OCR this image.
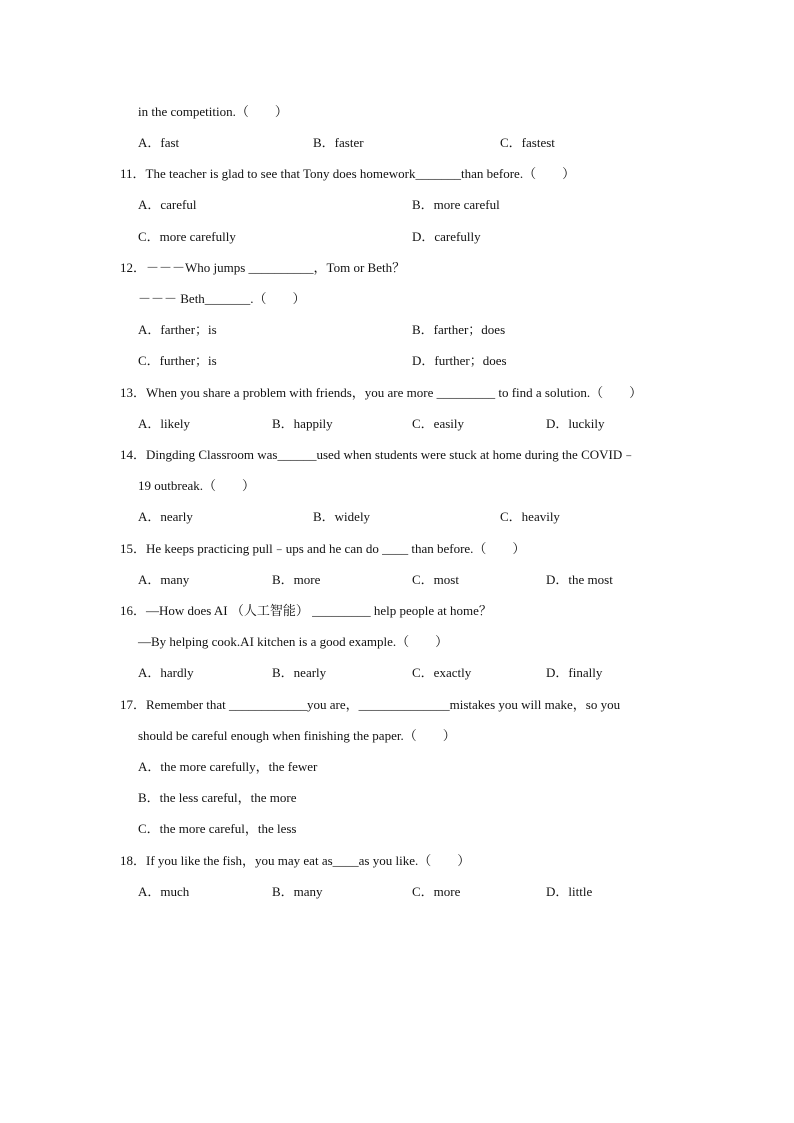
in the competition.（　　）
A．fast	B．faster	C．fastest
11．The teacher is glad to see that Tony does homework_______than before.（　　）
A．careful	B．more careful
C．more carefully	D．carefully
12．－－－Who jumps __________，Tom or Beth？
－－－ Beth_______.（　　）
A．farther；is	B．farther；does
C．further；is	D．further；does
13．When you share a problem with friends，you are more _________ to find a solution.（　　）
A．likely	B．happily	C．easily	D．luckily
14．Dingding Classroom was______used when students were stuck at home during the COVID﹣
19 outbreak.（　　）
A．nearly	B．widely	C．heavily
15．He keeps practicing pull﹣ups and he can do ____ than before.（　　）
A．many	B．more	C．most	D．the most
16．—How does AI （人工智能） _________ help people at home？
—By helping cook.AI kitchen is a good example.（　　）
A．hardly	B．nearly	C．exactly	D．finally
17．Remember that ____________you are，______________mistakes you will make，so you
should be careful enough when finishing the paper.（　　）
A．the more carefully，the fewer
B．the less careful，the more
C．the more careful，the less
18．If you like the fish，you may eat as____as you like.（　　）
A．much	B．many	C．more	D．little
